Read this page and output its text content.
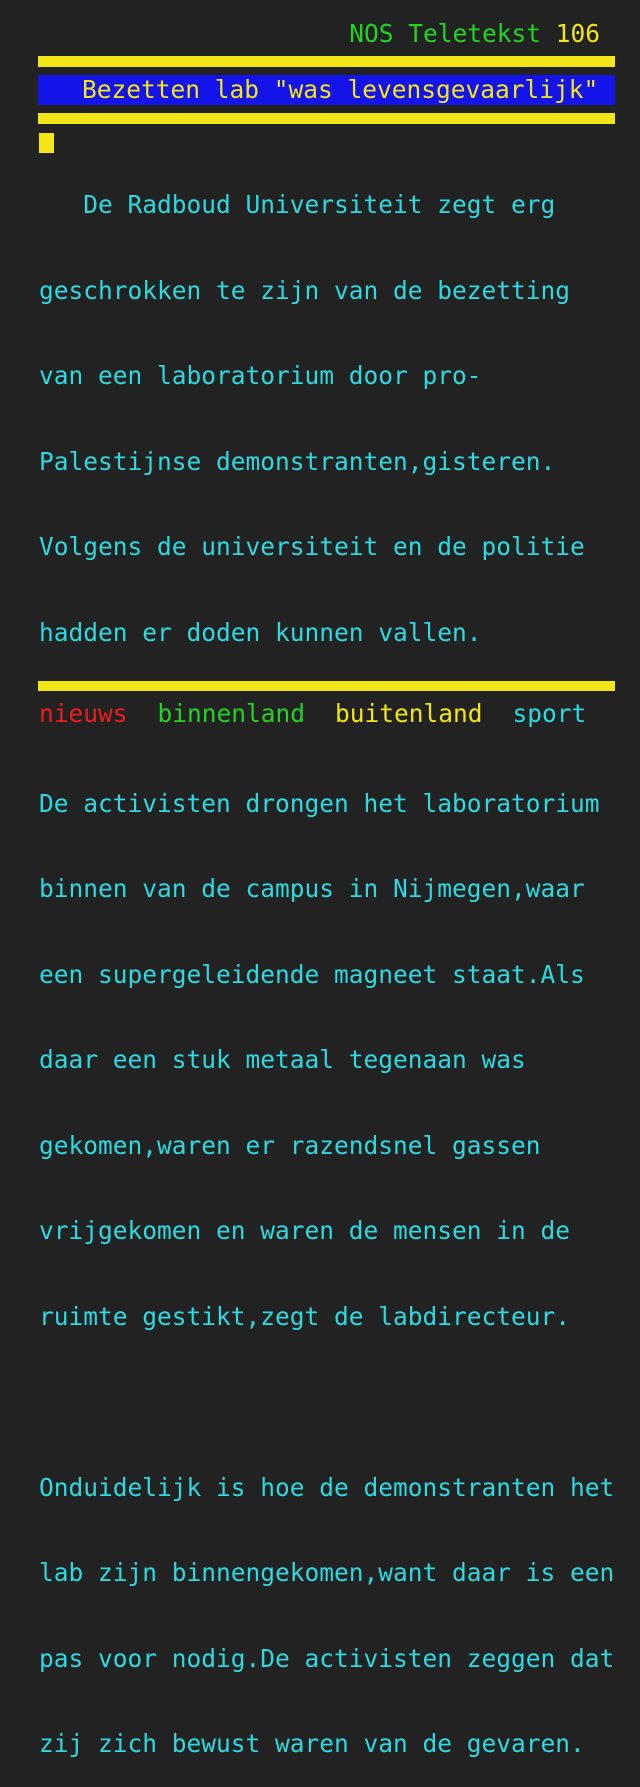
NOS Teletekst 106
Bezetten lab "was levensgevaarlijk"

De Radboud Universiteit zegt erg

geschrokken te zijn van de bezetting

van een laboratorium door pro-

Palestijnse demonstranten,gisteren.

Volgens de universiteit en de politie

hadden er doden kunnen vallen.

De activisten drongen het laboratorium

binnen van de campus in Nijmegen,waar

een supergeleidende magneet staat.Als

daar een stuk metaal tegenaan was

gekomen,waren er razendsnel gassen

vrijgekomen en waren de mensen in de

ruimte gestikt,zegt de labdirecteur.

Onduidelijk is hoe de demonstranten het

lab zijn binnengekomen,want daar is een

pas voor nodig.De activisten zeggen dat

zij zich bewust waren van de gevaren.

nieuws binnenland buitenland sport
